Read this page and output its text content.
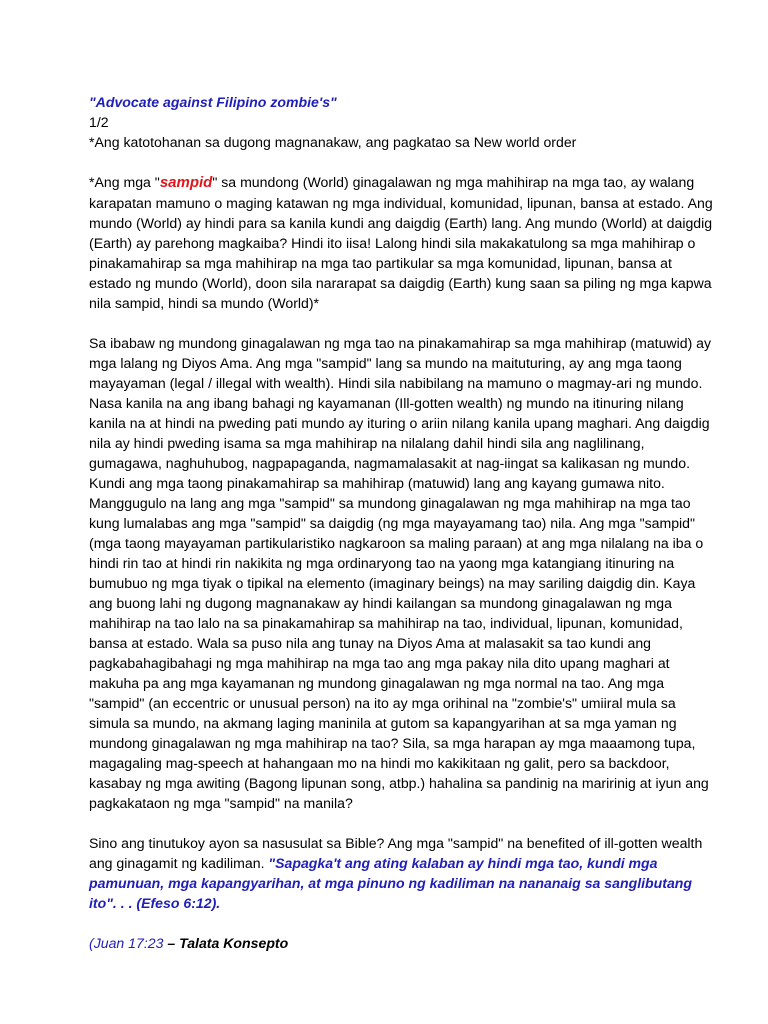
"Advocate against Filipino zombie's"

1/2

*Ang katotohanan sa dugong magnanakaw, ang pagkatao sa New world order

*Ang mga "sampid" sa mundong (World) ginagalawan ng mga mahihirap na mga tao, ay walang karapatan mamuno o maging katawan ng mga individual, komunidad, lipunan, bansa at estado. Ang mundo (World) ay hindi para sa kanila kundi ang daigdig (Earth) lang. Ang mundo (World) at daigdig (Earth) ay parehong magkaiba? Hindi ito iisa! Lalong hindi sila makakatulong sa mga mahihirap o pinakamahirap sa mga mahihirap na mga tao partikular sa mga komunidad, lipunan, bansa at estado ng mundo (World), doon sila nararapat sa daigdig (Earth) kung saan sa piling ng mga kapwa nila sampid, hindi sa mundo (World)*

Sa ibabaw ng mundong ginagalawan ng mga tao na pinakamahirap sa mga mahihirap (matuwid) ay mga lalang ng Diyos Ama. Ang mga "sampid" lang sa mundo na maituturing, ay ang mga taong mayayaman (legal / illegal with wealth). Hindi sila nabibilang na mamuno o magmay-ari ng mundo. Nasa kanila na ang ibang bahagi ng kayamanan (Ill-gotten wealth) ng mundo na itinuring nilang kanila na at hindi na pweding pati mundo ay ituring o ariin nilang kanila upang maghari. Ang daigdig nila ay hindi pweding isama sa mga mahihirap na nilalang dahil hindi sila ang naglilinang, gumagawa, naghuhubog, nagpapaganda, nagmamalasakit at nag-iingat sa kalikasan ng mundo. Kundi ang mga taong pinakamahirap sa mahihirap (matuwid) lang ang kayang gumawa nito. Manggugulo na lang ang mga "sampid" sa mundong ginagalawan ng mga mahihirap na mga tao kung lumalabas ang mga "sampid" sa daigdig (ng mga mayayamang tao) nila. Ang mga "sampid" (mga taong mayayaman partikularistiko nagkaroon sa maling paraan) at ang mga nilalang na iba o hindi rin tao at hindi rin nakikita ng mga ordinaryong tao na yaong mga katangiang itinuring na bumubuo ng mga tiyak o tipikal na elemento (imaginary beings) na may sariling daigdig din. Kaya ang buong lahi ng dugong magnanakaw ay hindi kailangan sa mundong ginagalawan ng mga mahihirap na tao lalo na sa pinakamahirap sa mahihirap na tao, individual, lipunan, komunidad, bansa at estado. Wala sa puso nila ang tunay na Diyos Ama at malasakit sa tao kundi ang pagkabahagibahagi ng mga mahihirap na mga tao ang mga pakay nila dito upang maghari at makuha pa ang mga kayamanan ng mundong ginagalawan ng mga normal na tao. Ang mga "sampid" (an eccentric or unusual person) na ito ay mga orihinal na "zombie's" umiiral mula sa simula sa mundo, na akmang laging maninila at gutom sa kapangyarihan at sa mga yaman ng mundong ginagalawan ng mga mahihirap na tao? Sila, sa mga harapan ay mga maaamong tupa, magagaling mag-speech at hahangaan mo na hindi mo kakikitaan ng galit, pero sa backdoor, kasabay ng mga awiting (Bagong lipunan song, atbp.) hahalina sa pandinig na maririnig at iyun ang pagkakataon ng mga "sampid" na manila?

Sino ang tinutukoy ayon sa nasusulat sa Bible? Ang mga "sampid" na benefited of ill-gotten wealth ang ginagamit ng kadiliman. "Sapagka't ang ating kalaban ay hindi mga tao, kundi mga pamunuan, mga kapangyarihan, at mga pinuno ng kadiliman na nananaig sa sanglibutang ito". . . (Efeso 6:12).

(Juan 17:23 – Talata Konsepto
